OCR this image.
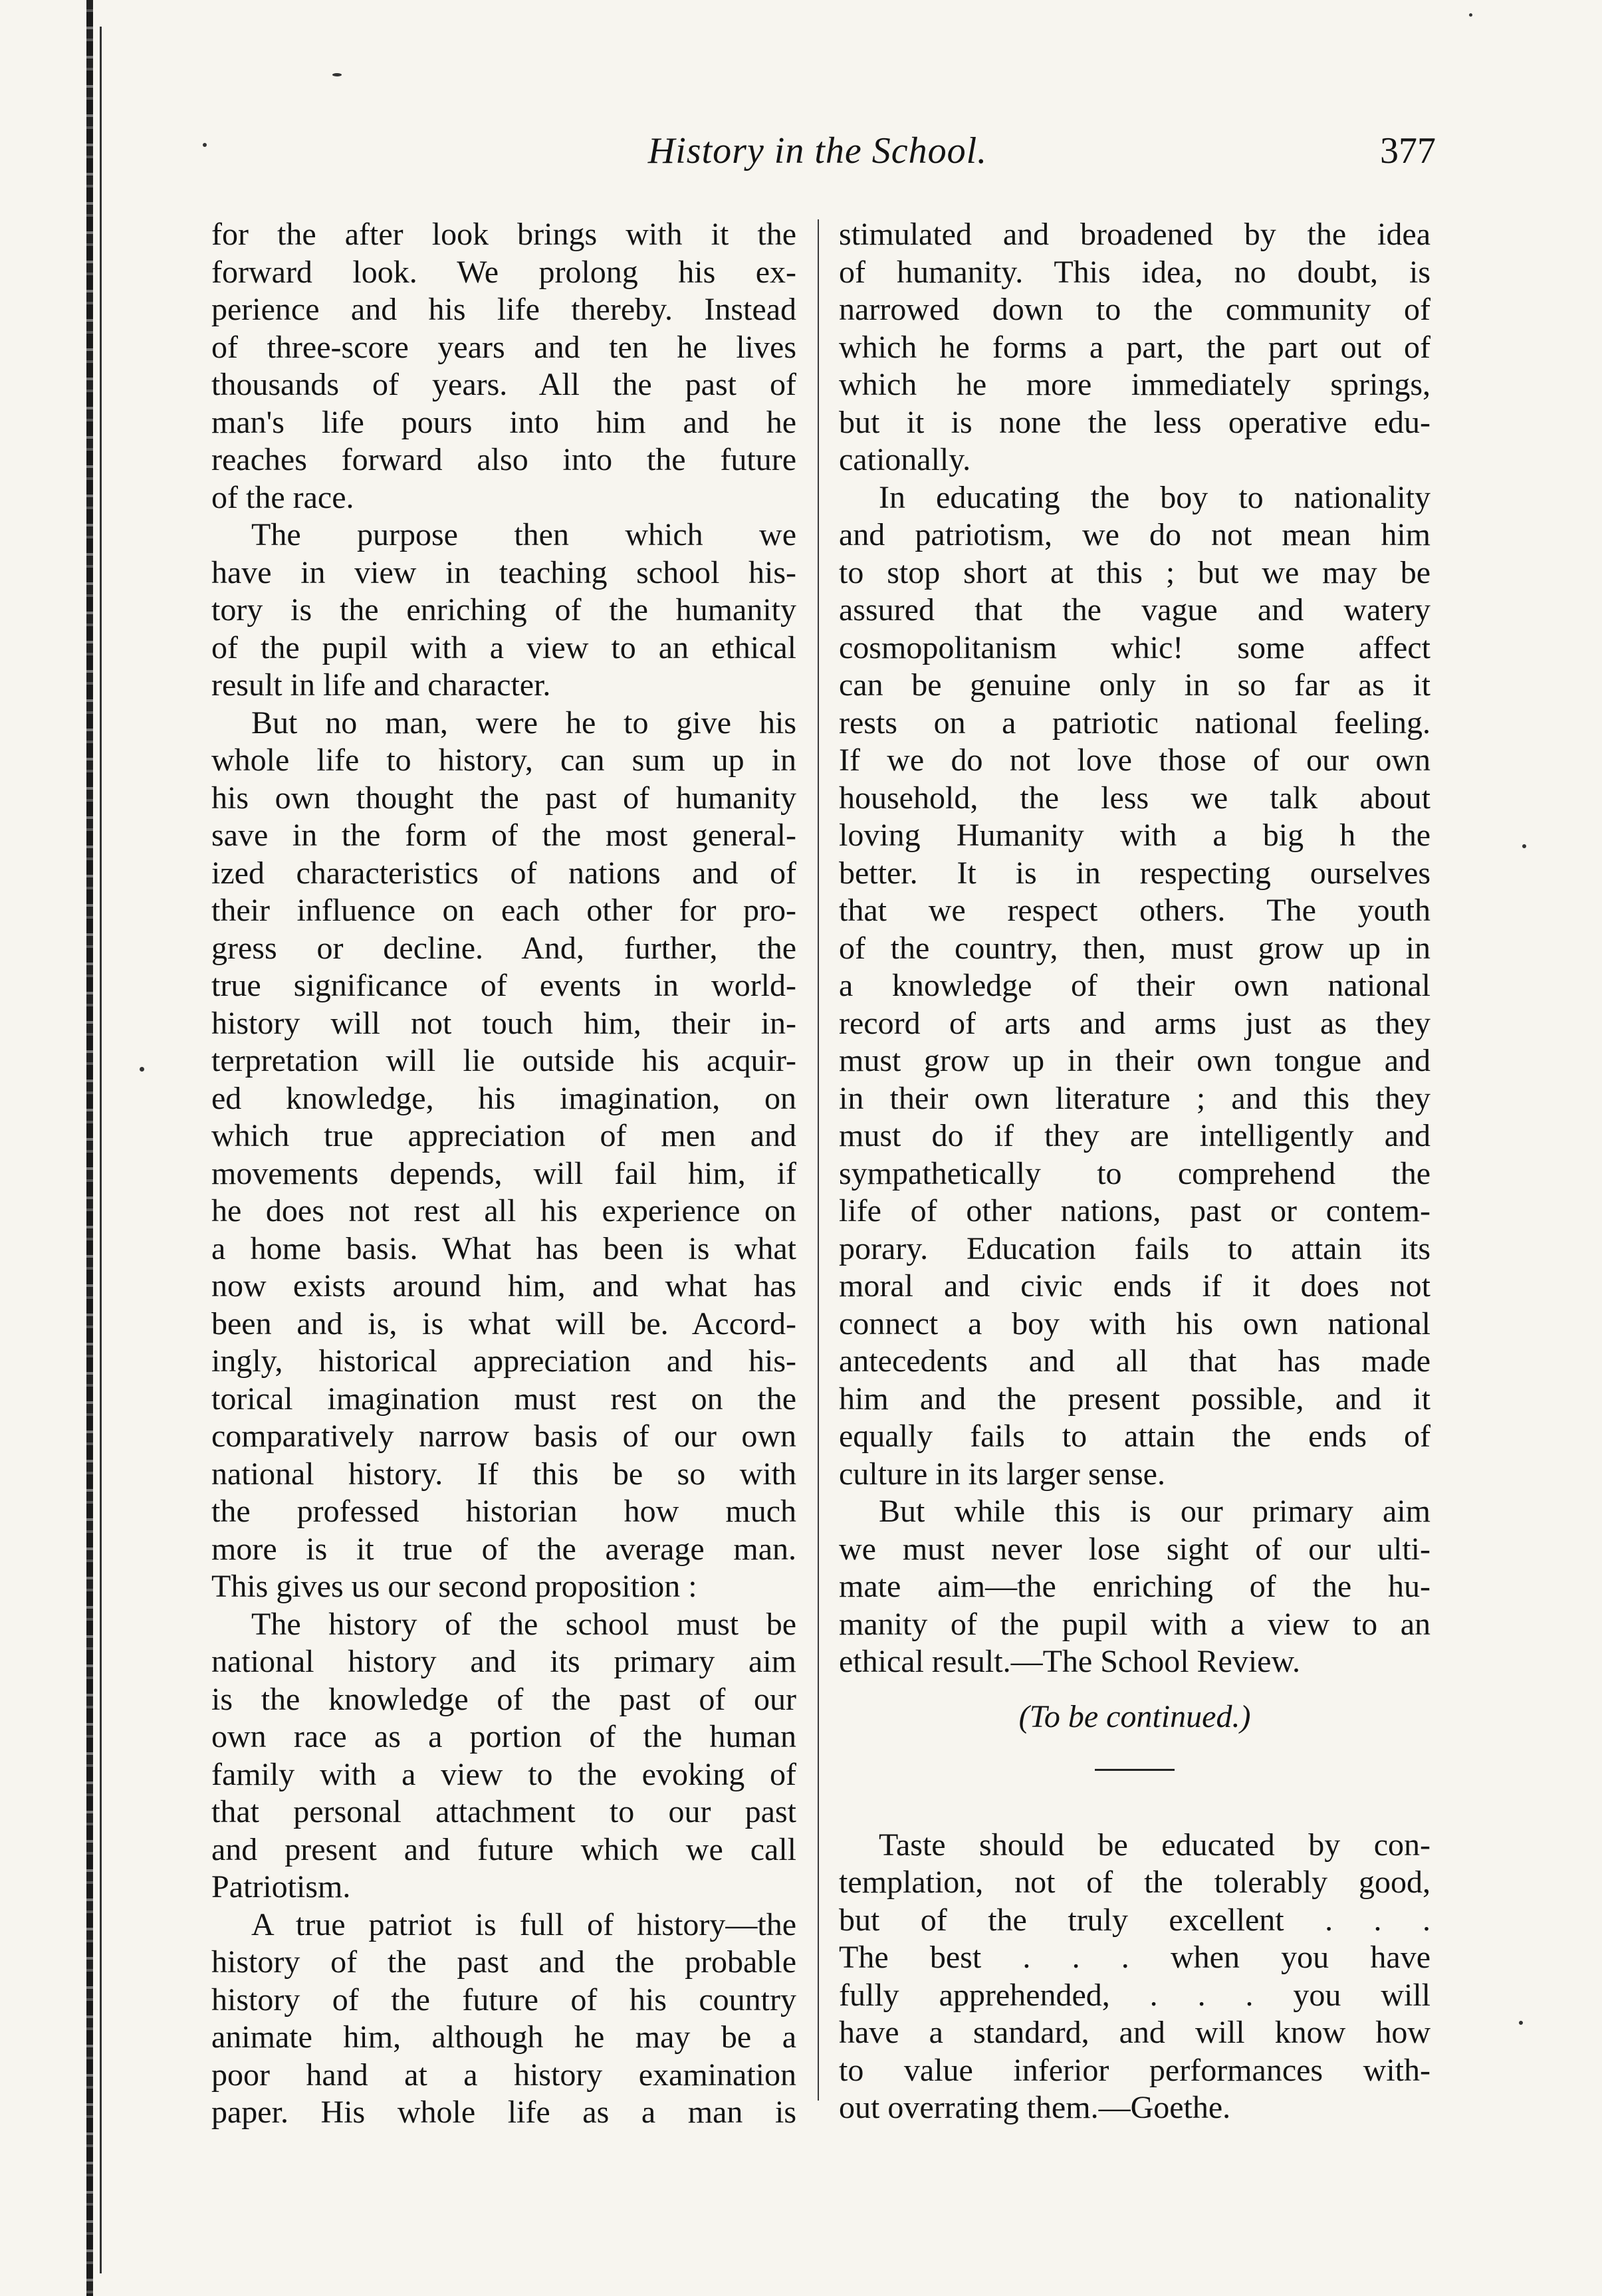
History in the School.	377
for the after look brings with it the
forward look. We prolong his ex-
perience and his life thereby. Instead
of three-score years and ten he lives
thousands of years. All the past of
man's life pours into him and he
reaches forward also into the future
of the race.
The purpose then which we
have in view in teaching school his-
tory is the enriching of the humanity
of the pupil with a view to an ethical
result in life and character.
But no man, were he to give his
whole life to history, can sum up in
his own thought the past of humanity
save in the form of the most general-
ized characteristics of nations and of
their influence on each other for pro-
gress or decline. And, further, the
true significance of events in world-
history will not touch him, their in-
terpretation will lie outside his acquir-
ed knowledge, his imagination, on
which true appreciation of men and
movements depends, will fail him, if
he does not rest all his experience on
a home basis. What has been is what
now exists around him, and what has
been and is, is what will be. Accord-
ingly, historical appreciation and his-
torical imagination must rest on the
comparatively narrow basis of our own
national history. If this be so with
the professed historian how much
more is it true of the average man.
This gives us our second proposition :
The history of the school must be
national history and its primary aim
is the knowledge of the past of our
own race as a portion of the human
family with a view to the evoking of
that personal attachment to our past
and present and future which we call
Patriotism.
A true patriot is full of history—the
history of the past and the probable
history of the future of his country
animate him, although he may be a
poor hand at a history examination
paper. His whole life as a man is
stimulated and broadened by the idea
of humanity. This idea, no doubt, is
narrowed down to the community of
which he forms a part, the part out of
which he more immediately springs,
but it is none the less operative edu-
cationally.
In educating the boy to nationality
and patriotism, we do not mean him
to stop short at this ; but we may be
assured that the vague and watery
cosmopolitanism whic! some affect
can be genuine only in so far as it
rests on a patriotic national feeling.
If we do not love those of our own
household, the less we talk about
loving Humanity with a big h the
better. It is in respecting ourselves
that we respect others. The youth
of the country, then, must grow up in
a knowledge of their own national
record of arts and arms just as they
must grow up in their own tongue and
in their own literature ; and this they
must do if they are intelligently and
sympathetically to comprehend the
life of other nations, past or contem-
porary. Education fails to attain its
moral and civic ends if it does not
connect a boy with his own national
antecedents and all that has made
him and the present possible, and it
equally fails to attain the ends of
culture in its larger sense.
But while this is our primary aim
we must never lose sight of our ulti-
mate aim—the enriching of the hu-
manity of the pupil with a view to an
ethical result.—The School Review.
(To be continued.)
Taste should be educated by con-
templation, not of the tolerably good,
but of the truly excellent . . .
The best . . . when you have
fully apprehended, . . . you will
have a standard, and will know how
to value inferior performances with-
out overrating them.—Goethe.
